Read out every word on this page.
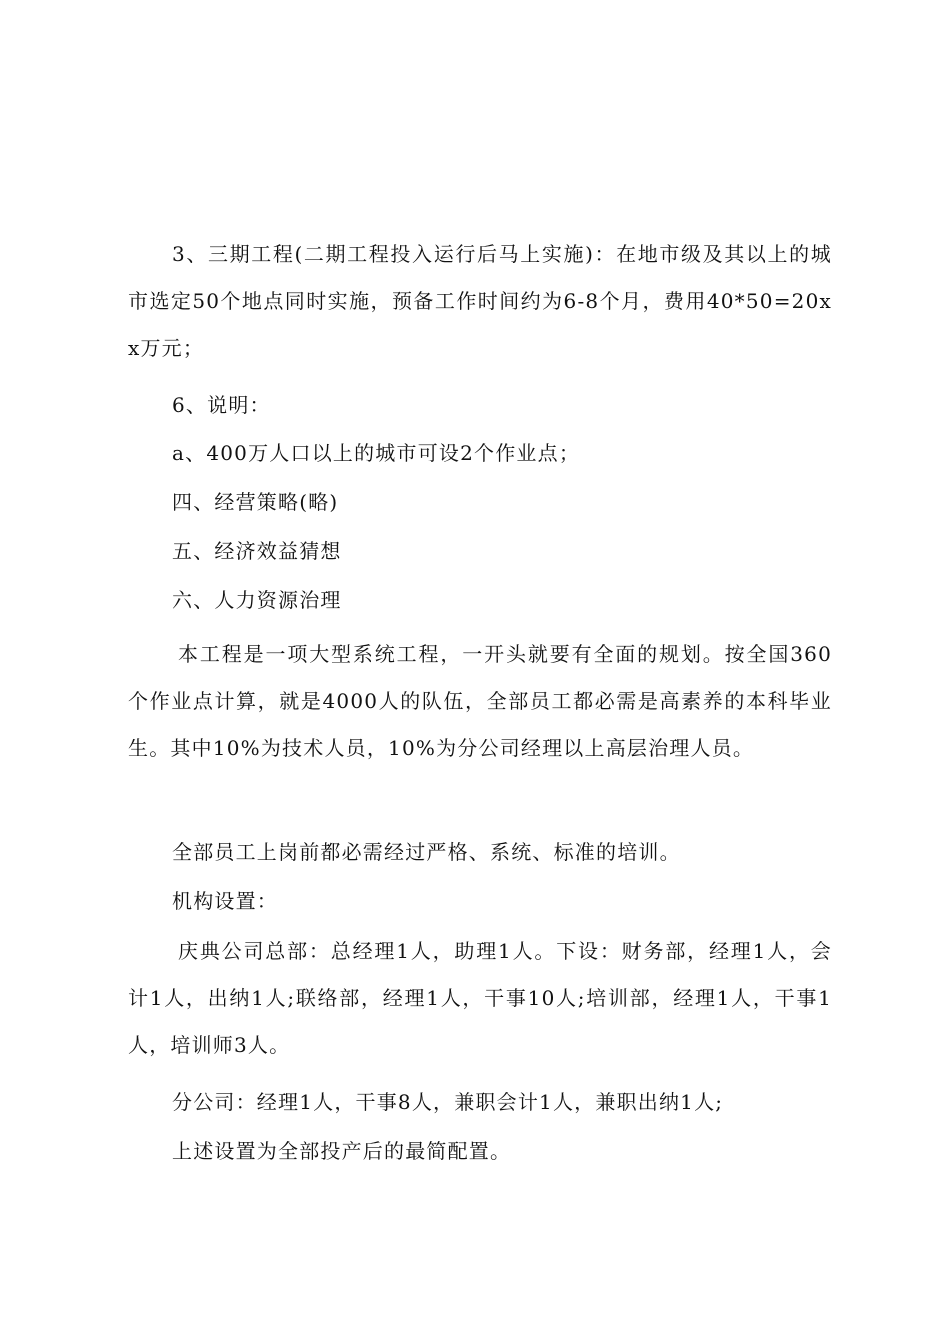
3、三期工程(二期工程投入运行后马上实施)：在地市级及其以上的城市选定50个地点同时实施，预备工作时间约为6-8个月，费用40*50=20xx万元；

6、说明：

a、400万人口以上的城市可设2个作业点；

四、经营策略(略)

五、经济效益猜想

六、人力资源治理

本工程是一项大型系统工程，一开头就要有全面的规划。按全国360个作业点计算，就是4000人的队伍，全部员工都必需是高素养的本科毕业生。其中10%为技术人员，10%为分公司经理以上高层治理人员。

全部员工上岗前都必需经过严格、系统、标准的培训。

机构设置：

庆典公司总部：总经理1人，助理1人。下设：财务部，经理1人，会计1人，出纳1人;联络部，经理1人，干事10人;培训部，经理1人，干事1人，培训师3人。

分公司：经理1人，干事8人，兼职会计1人，兼职出纳1人;

上述设置为全部投产后的最简配置。
